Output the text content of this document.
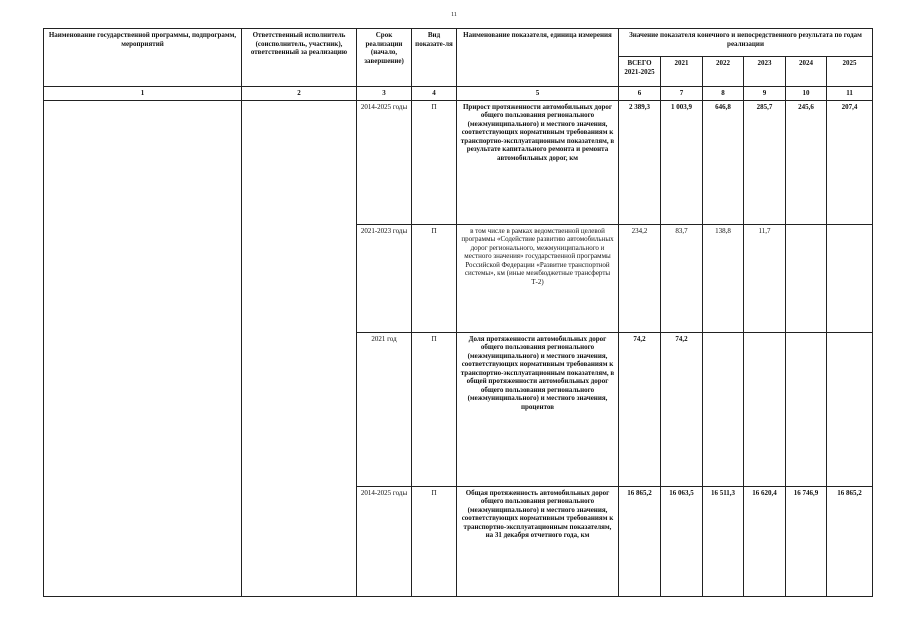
11
Наименование государственной программы, подпрограмм, мероприятий	Ответственный исполнитель (соисполнитель, участник), ответственный за реализацию	Срок реализации (начало, завершение)	Вид показате-ля	Наименование показателя, единица измерения	Значение показателя конечного и непосредственного результата по годам реализации					
					ВСЕГО 2021-2025	2021	2022	2023	2024	2025
1	2	3	4	5	6	7	8	9	10	11
		2014-2025 годы	П	Прирост протяженности автомобильных дорог общего пользования регионального (межмуниципального) и местного значения, соответствующих нормативным требованиям к транспортно-эксплуатационным показателям, в результате капитального ремонта и ремонта автомобильных дорог, км	2 389,3	1 003,9	646,8	285,7	245,6	207,4
		2021-2023 годы	П	в том числе в рамках ведомственной целевой программы «Содействие развитию автомобильных дорог регионального, межмуниципального и местного значения» государственной программы Российской Федерации «Развитие транспортной системы», км (иные межбюджетные трансферты Т-2)	234,2	83,7	138,8	11,7		
		2021 год	П	Доля протяженности автомобильных дорог общего пользования регионального (межмуниципального) и местного значения, соответствующих нормативным требованиям к транспортно-эксплуатационным показателям, в общей протяженности автомобильных дорог общего пользования регионального (межмуниципального) и местного значения, процентов	74,2	74,2				
		2014-2025 годы	П	Общая протяженность автомобильных дорог общего пользования регионального (межмуниципального) и местного значения, соответствующих нормативным требованиям к транспортно-эксплуатационным показателям, на 31 декабря отчетного года, км	16 865,2	16 063,5	16 511,3	16 620,4	16 746,9	16 865,2
